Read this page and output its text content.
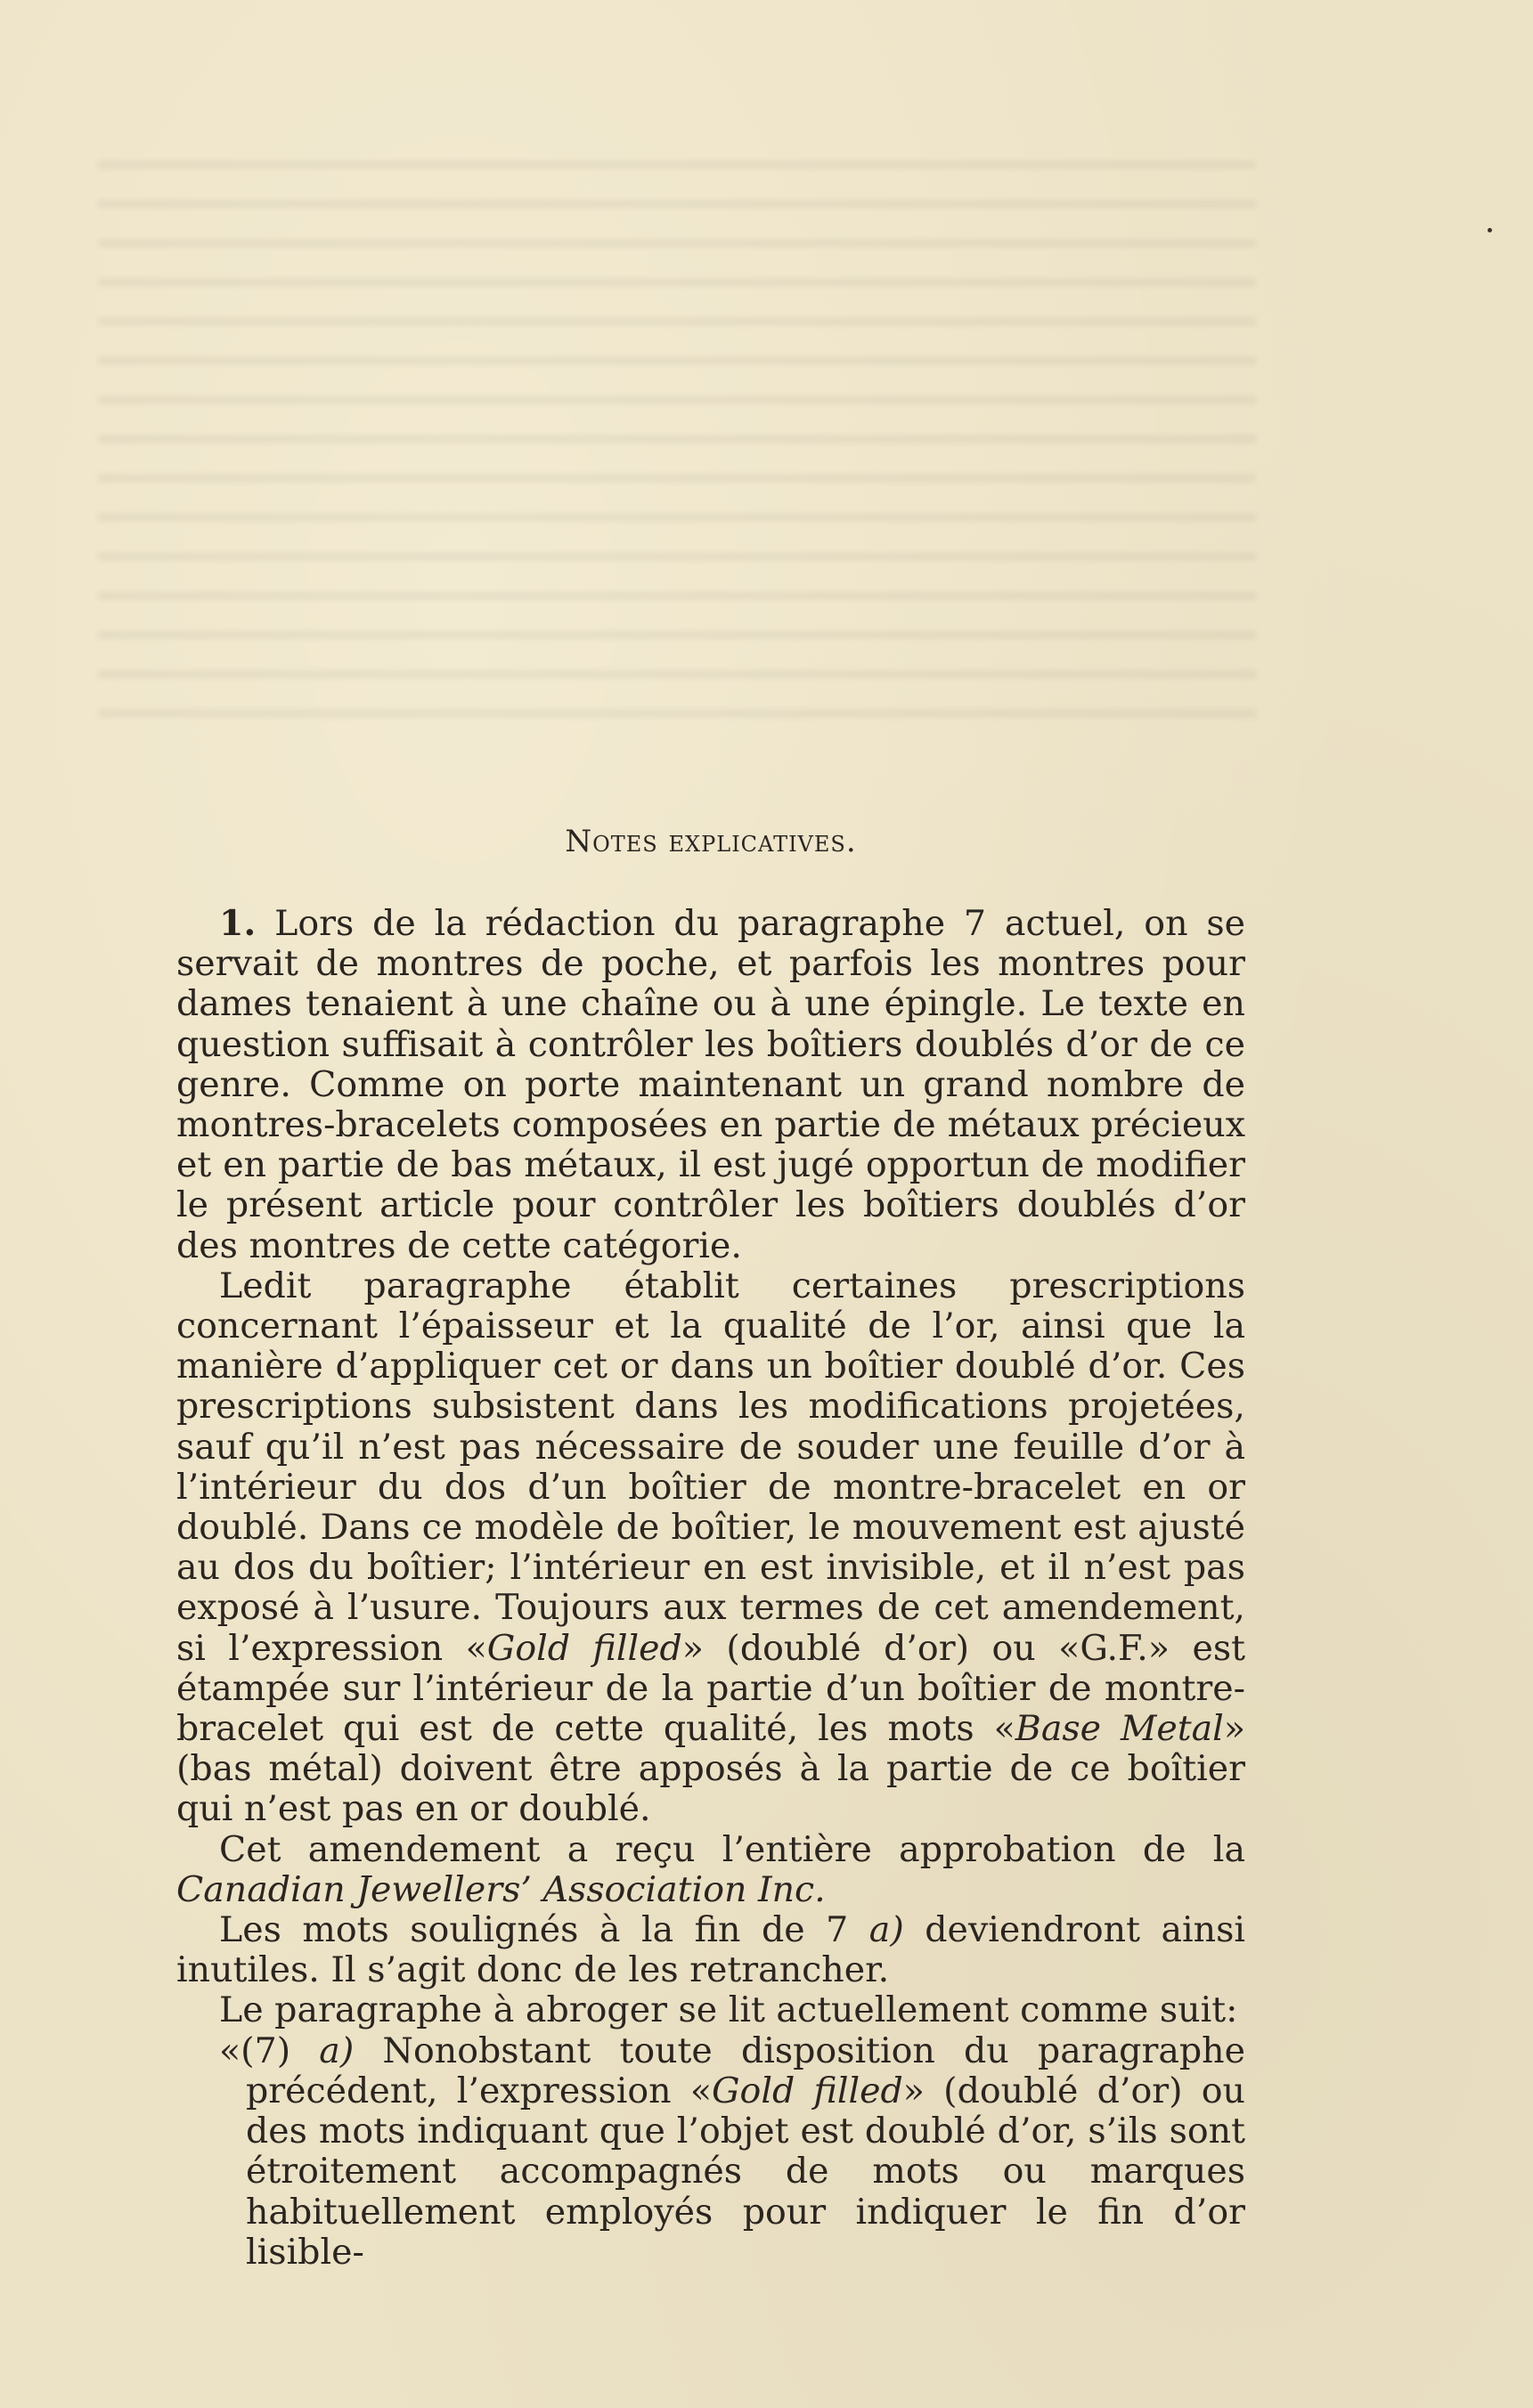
Notes explicatives.

1. Lors de la rédaction du paragraphe 7 actuel, on se servait de montres de poche, et parfois les montres pour dames tenaient à une chaîne ou à une épingle. Le texte en question suffisait à contrôler les boîtiers doublés d’or de ce genre. Comme on porte maintenant un grand nombre de montres-bracelets composées en partie de métaux précieux et en partie de bas métaux, il est jugé opportun de modifier le présent article pour contrôler les boîtiers doublés d’or des montres de cette catégorie.

Ledit paragraphe établit certaines prescriptions concernant l’épaisseur et la qualité de l’or, ainsi que la manière d’appliquer cet or dans un boîtier doublé d’or. Ces prescriptions subsistent dans les modifications projetées, sauf qu’il n’est pas nécessaire de souder une feuille d’or à l’intérieur du dos d’un boîtier de montre-bracelet en or doublé. Dans ce modèle de boîtier, le mouvement est ajusté au dos du boîtier; l’intérieur en est invisible, et il n’est pas exposé à l’usure. Toujours aux termes de cet amendement, si l’expression «Gold filled» (doublé d’or) ou «G.F.» est étampée sur l’intérieur de la partie d’un boîtier de montre-bracelet qui est de cette qualité, les mots «Base Metal» (bas métal) doivent être apposés à la partie de ce boîtier qui n’est pas en or doublé.

Cet amendement a reçu l’entière approbation de la Canadian Jewellers’ Association Inc.

Les mots soulignés à la fin de 7 a) deviendront ainsi inutiles. Il s’agit donc de les retrancher.

Le paragraphe à abroger se lit actuellement comme suit:

«(7) a) Nonobstant toute disposition du paragraphe précédent, l’expression «Gold filled» (doublé d’or) ou des mots indiquant que l’objet est doublé d’or, s’ils sont étroitement accompagnés de mots ou marques habituellement employés pour indiquer le fin d’or lisible-
